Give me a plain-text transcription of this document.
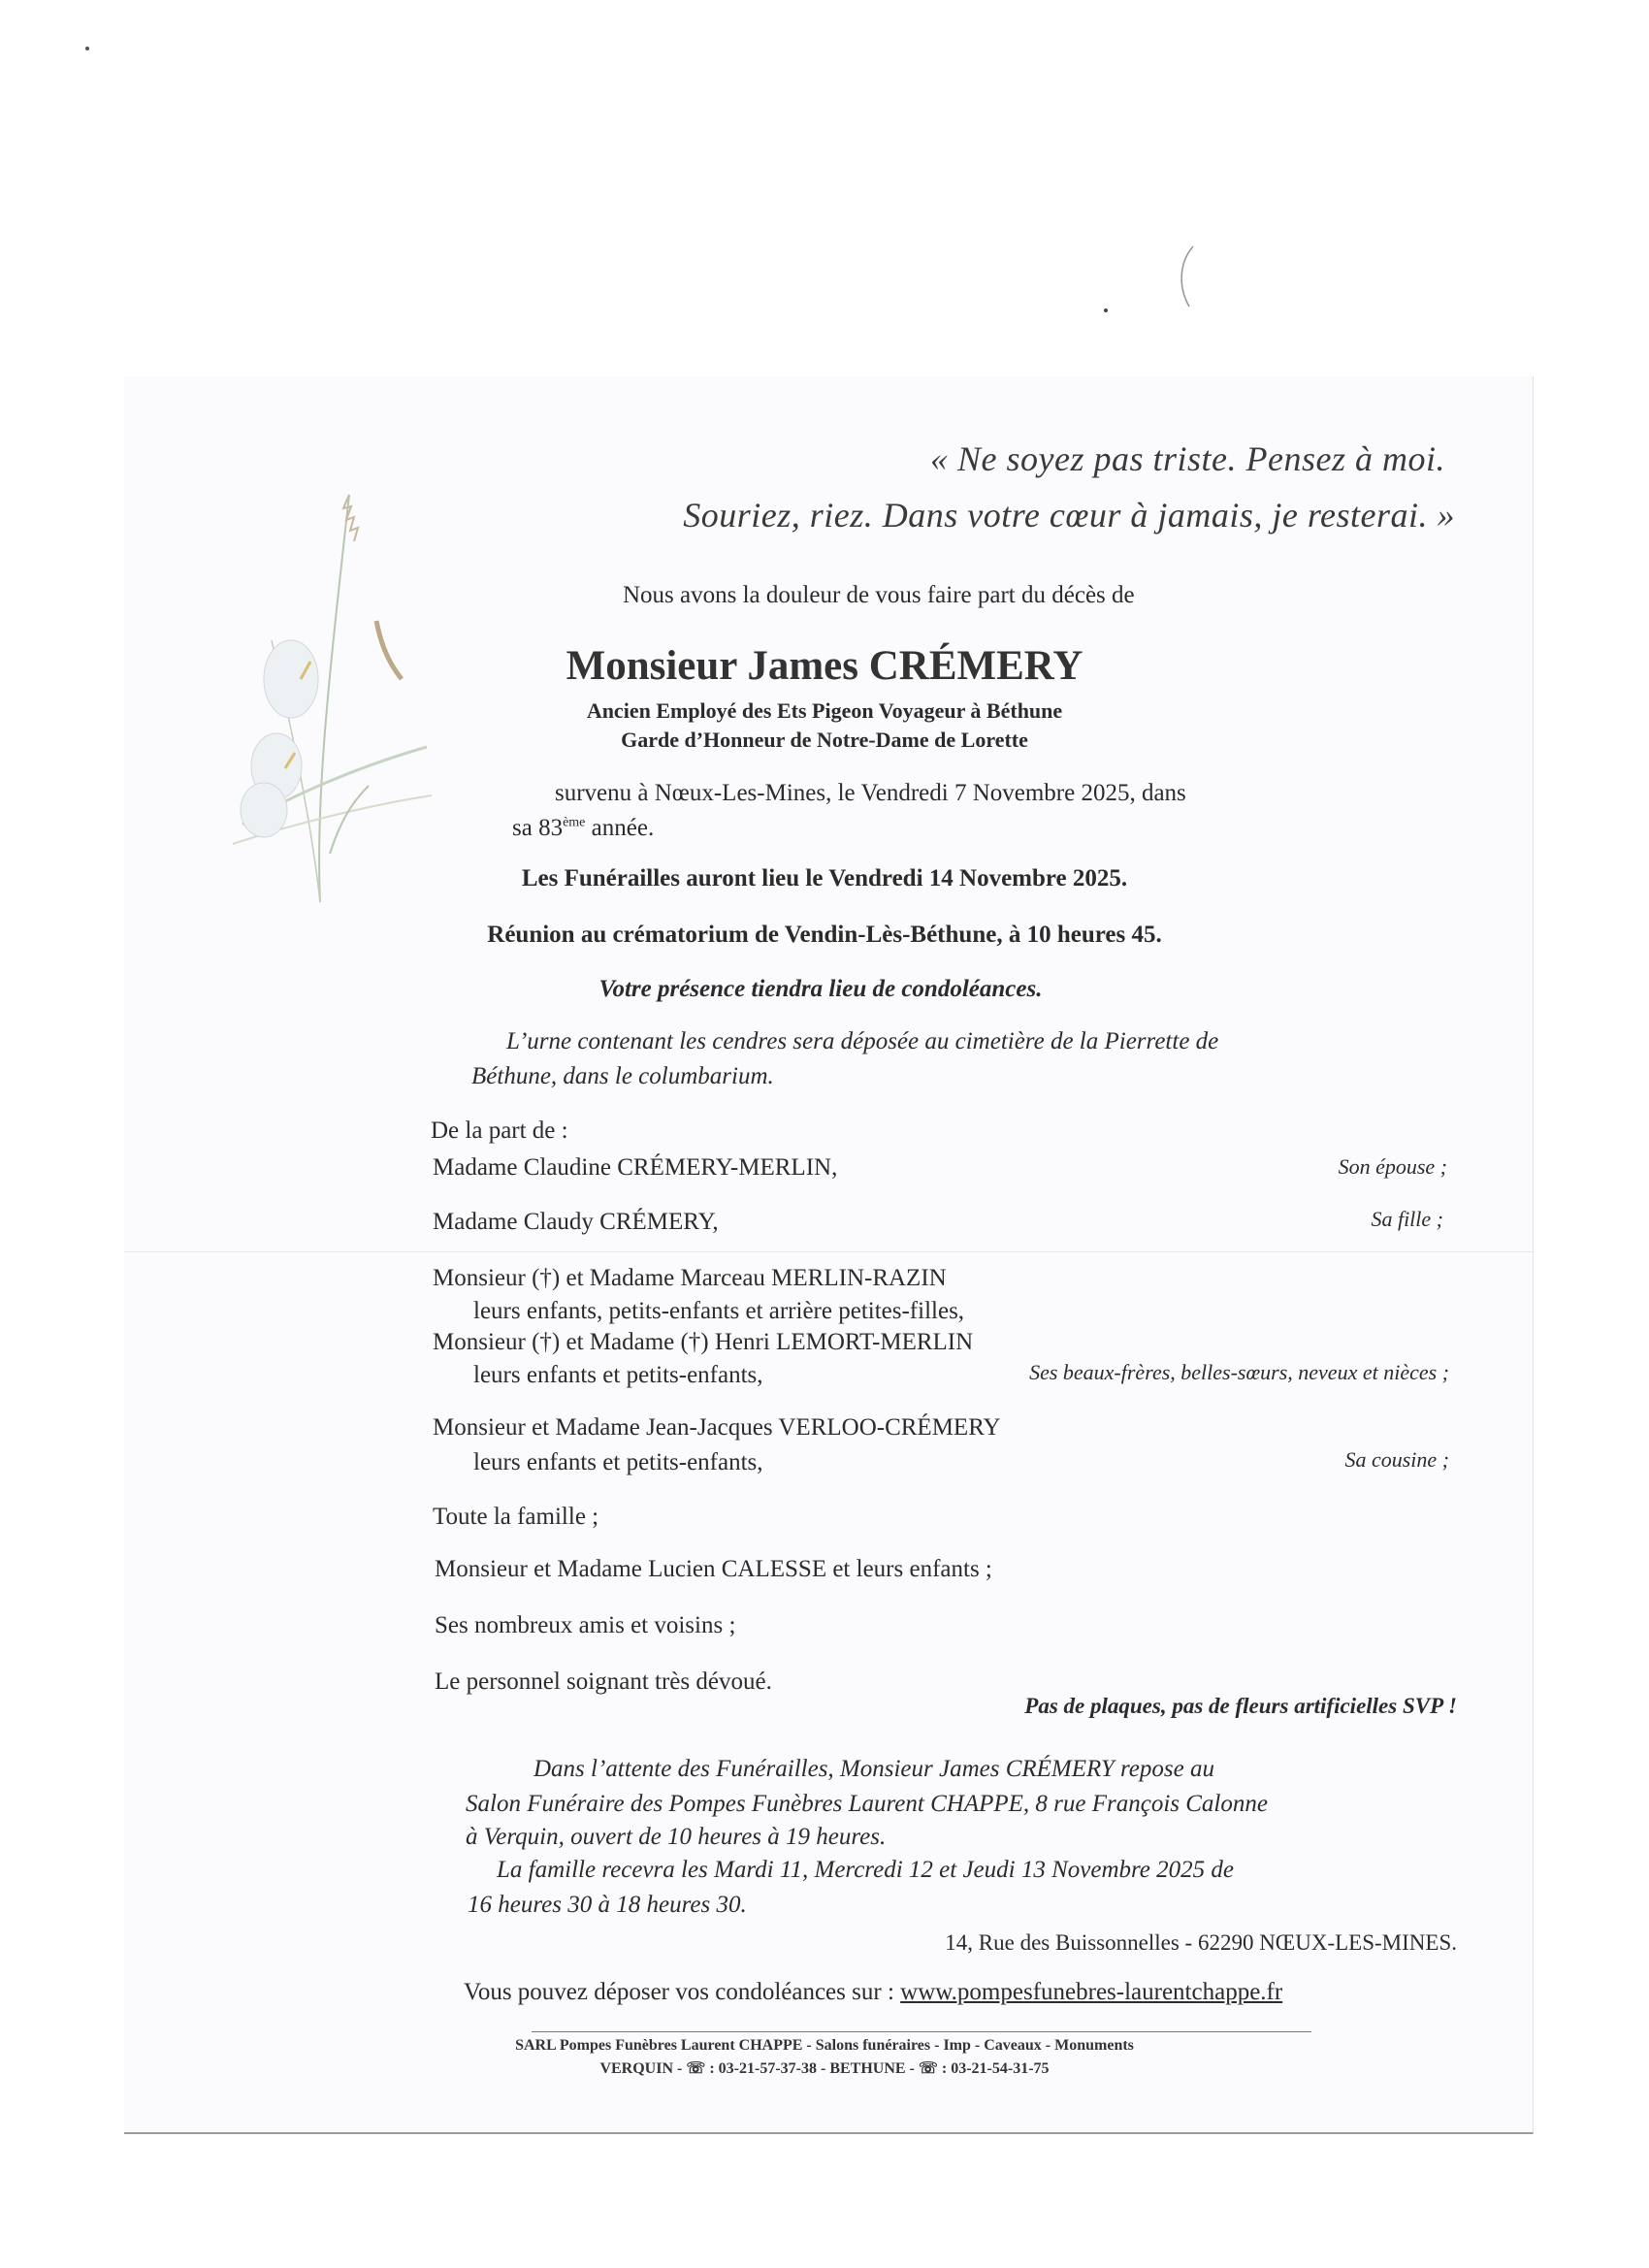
« Ne soyez pas triste. Pensez à moi.
Souriez, riez. Dans votre cœur à jamais, je resterai. »
Nous avons la douleur de vous faire part du décès de
Monsieur James CRÉMERY
Ancien Employé des Ets Pigeon Voyageur à Béthune
Garde d’Honneur de Notre-Dame de Lorette
survenu à Nœux-Les-Mines, le Vendredi 7 Novembre 2025, dans
sa 83ème année.
Les Funérailles auront lieu le Vendredi 14 Novembre 2025.
Réunion au crématorium de Vendin-Lès-Béthune, à 10 heures 45.
Votre présence tiendra lieu de condoléances.
L’urne contenant les cendres sera déposée au cimetière de la Pierrette de
Béthune, dans le columbarium.
De la part de :
Madame Claudine CRÉMERY-MERLIN,	Son épouse ;
Madame Claudy CRÉMERY,	Sa fille ;
Monsieur (†) et Madame Marceau MERLIN-RAZIN
leurs enfants, petits-enfants et arrière petites-filles,
Monsieur (†) et Madame (†) Henri LEMORT-MERLIN
leurs enfants et petits-enfants,	Ses beaux-frères, belles-sœurs, neveux et nièces ;
Monsieur et Madame Jean-Jacques VERLOO-CRÉMERY
leurs enfants et petits-enfants,	Sa cousine ;
Toute la famille ;
Monsieur et Madame Lucien CALESSE et leurs enfants ;
Ses nombreux amis et voisins ;
Le personnel soignant très dévoué.
Pas de plaques, pas de fleurs artificielles SVP !
Dans l’attente des Funérailles, Monsieur James CRÉMERY repose au
Salon Funéraire des Pompes Funèbres Laurent CHAPPE, 8 rue François Calonne
à Verquin, ouvert de 10 heures à 19 heures.
La famille recevra les Mardi 11, Mercredi 12 et Jeudi 13 Novembre 2025 de
16 heures 30 à 18 heures 30.
14, Rue des Buissonnelles - 62290 NŒUX-LES-MINES.
Vous pouvez déposer vos condoléances sur : www.pompesfunebres-laurentchappe.fr
SARL Pompes Funèbres Laurent CHAPPE - Salons funéraires - Imp - Caveaux - Monuments
VERQUIN - ☏ : 03-21-57-37-38 - BETHUNE - ☏ : 03-21-54-31-75
